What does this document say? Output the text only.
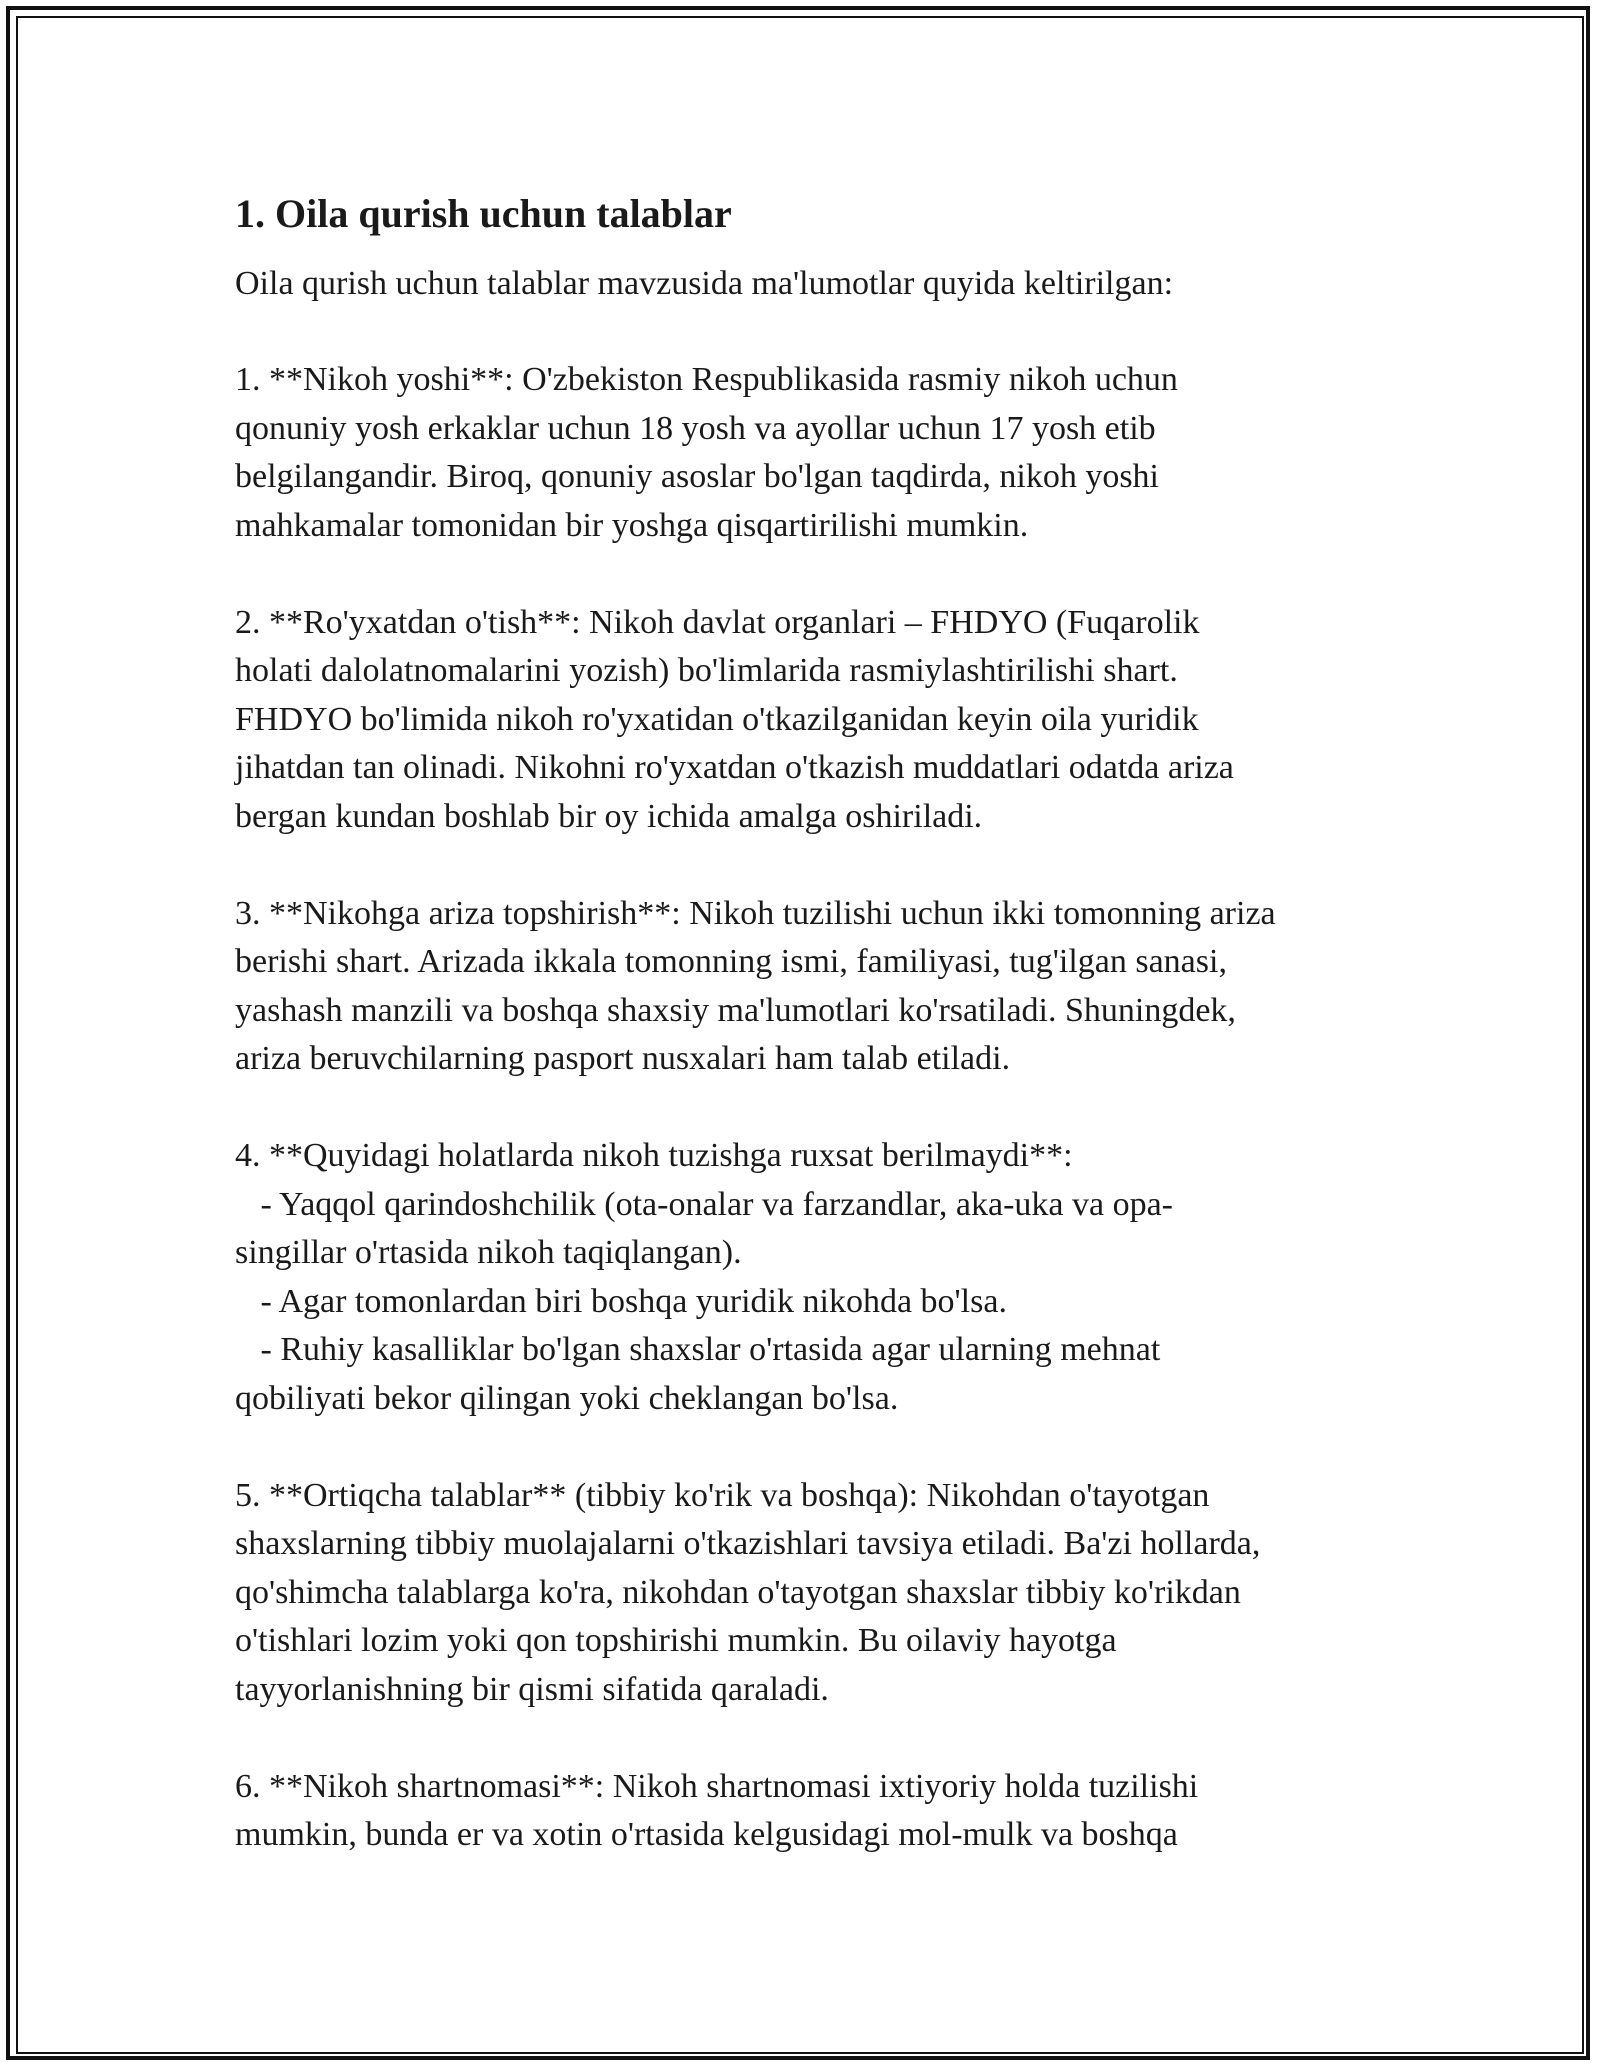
1. Oila qurish uchun talablar

Oila qurish uchun talablar mavzusida ma'lumotlar quyida keltirilgan:

1. **Nikoh yoshi**: O'zbekiston Respublikasida rasmiy nikoh uchun
qonuniy yosh erkaklar uchun 18 yosh va ayollar uchun 17 yosh etib
belgilangandir. Biroq, qonuniy asoslar bo'lgan taqdirda, nikoh yoshi
mahkamalar tomonidan bir yoshga qisqartirilishi mumkin.
2. **Ro'yxatdan o'tish**: Nikoh davlat organlari – FHDYO (Fuqarolik
holati dalolatnomalarini yozish) bo'limlarida rasmiylashtirilishi shart.
FHDYO bo'limida nikoh ro'yxatidan o'tkazilganidan keyin oila yuridik
jihatdan tan olinadi. Nikohni ro'yxatdan o'tkazish muddatlari odatda ariza
bergan kundan boshlab bir oy ichida amalga oshiriladi.
3. **Nikohga ariza topshirish**: Nikoh tuzilishi uchun ikki tomonning ariza
berishi shart. Arizada ikkala tomonning ismi, familiyasi, tug'ilgan sanasi,
yashash manzili va boshqa shaxsiy ma'lumotlari ko'rsatiladi. Shuningdek,
ariza beruvchilarning pasport nusxalari ham talab etiladi.
4. **Quyidagi holatlarda nikoh tuzishga ruxsat berilmaydi**:
- Yaqqol qarindoshchilik (ota-onalar va farzandlar, aka-uka va opa-
singillar o'rtasida nikoh taqiqlangan).
- Agar tomonlardan biri boshqa yuridik nikohda bo'lsa.
- Ruhiy kasalliklar bo'lgan shaxslar o'rtasida agar ularning mehnat
qobiliyati bekor qilingan yoki cheklangan bo'lsa.
5. **Ortiqcha talablar** (tibbiy ko'rik va boshqa): Nikohdan o'tayotgan
shaxslarning tibbiy muolajalarni o'tkazishlari tavsiya etiladi. Ba'zi hollarda,
qo'shimcha talablarga ko'ra, nikohdan o'tayotgan shaxslar tibbiy ko'rikdan
o'tishlari lozim yoki qon topshirishi mumkin. Bu oilaviy hayotga
tayyorlanishning bir qismi sifatida qaraladi.
6. **Nikoh shartnomasi**: Nikoh shartnomasi ixtiyoriy holda tuzilishi
mumkin, bunda er va xotin o'rtasida kelgusidagi mol-mulk va boshqa
